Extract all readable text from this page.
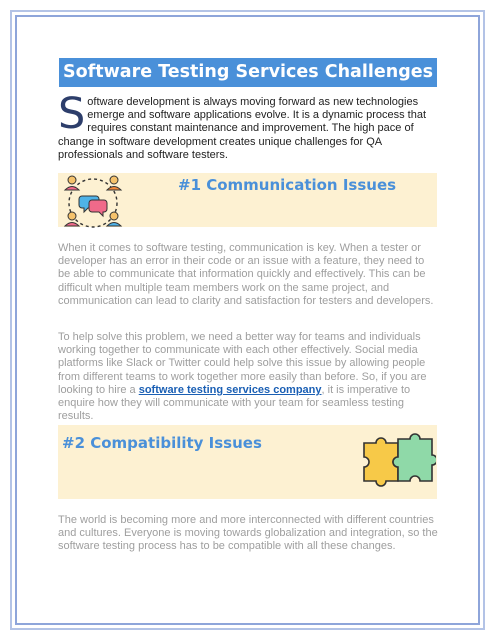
Software Testing Services Challenges

Software development is always moving forward as new technologies emerge and software applications evolve. It is a dynamic process that requires constant maintenance and improvement. The high pace of change in software development creates unique challenges for QA professionals and software testers.

#1 Communication Issues

When it comes to software testing, communication is key. When a tester or developer has an error in their code or an issue with a feature, they need to be able to communicate that information quickly and effectively. This can be difficult when multiple team members work on the same project, and communication can lead to clarity and satisfaction for testers and developers.

To help solve this problem, we need a better way for teams and individuals working together to communicate with each other effectively. Social media platforms like Slack or Twitter could help solve this issue by allowing people from different teams to work together more easily than before. So, if you are looking to hire a software testing services company, it is imperative to enquire how they will communicate with your team for seamless testing results.

#2 Compatibility Issues

The world is becoming more and more interconnected with different countries and cultures. Everyone is moving towards globalization and integration, so the software testing process has to be compatible with all these changes.
